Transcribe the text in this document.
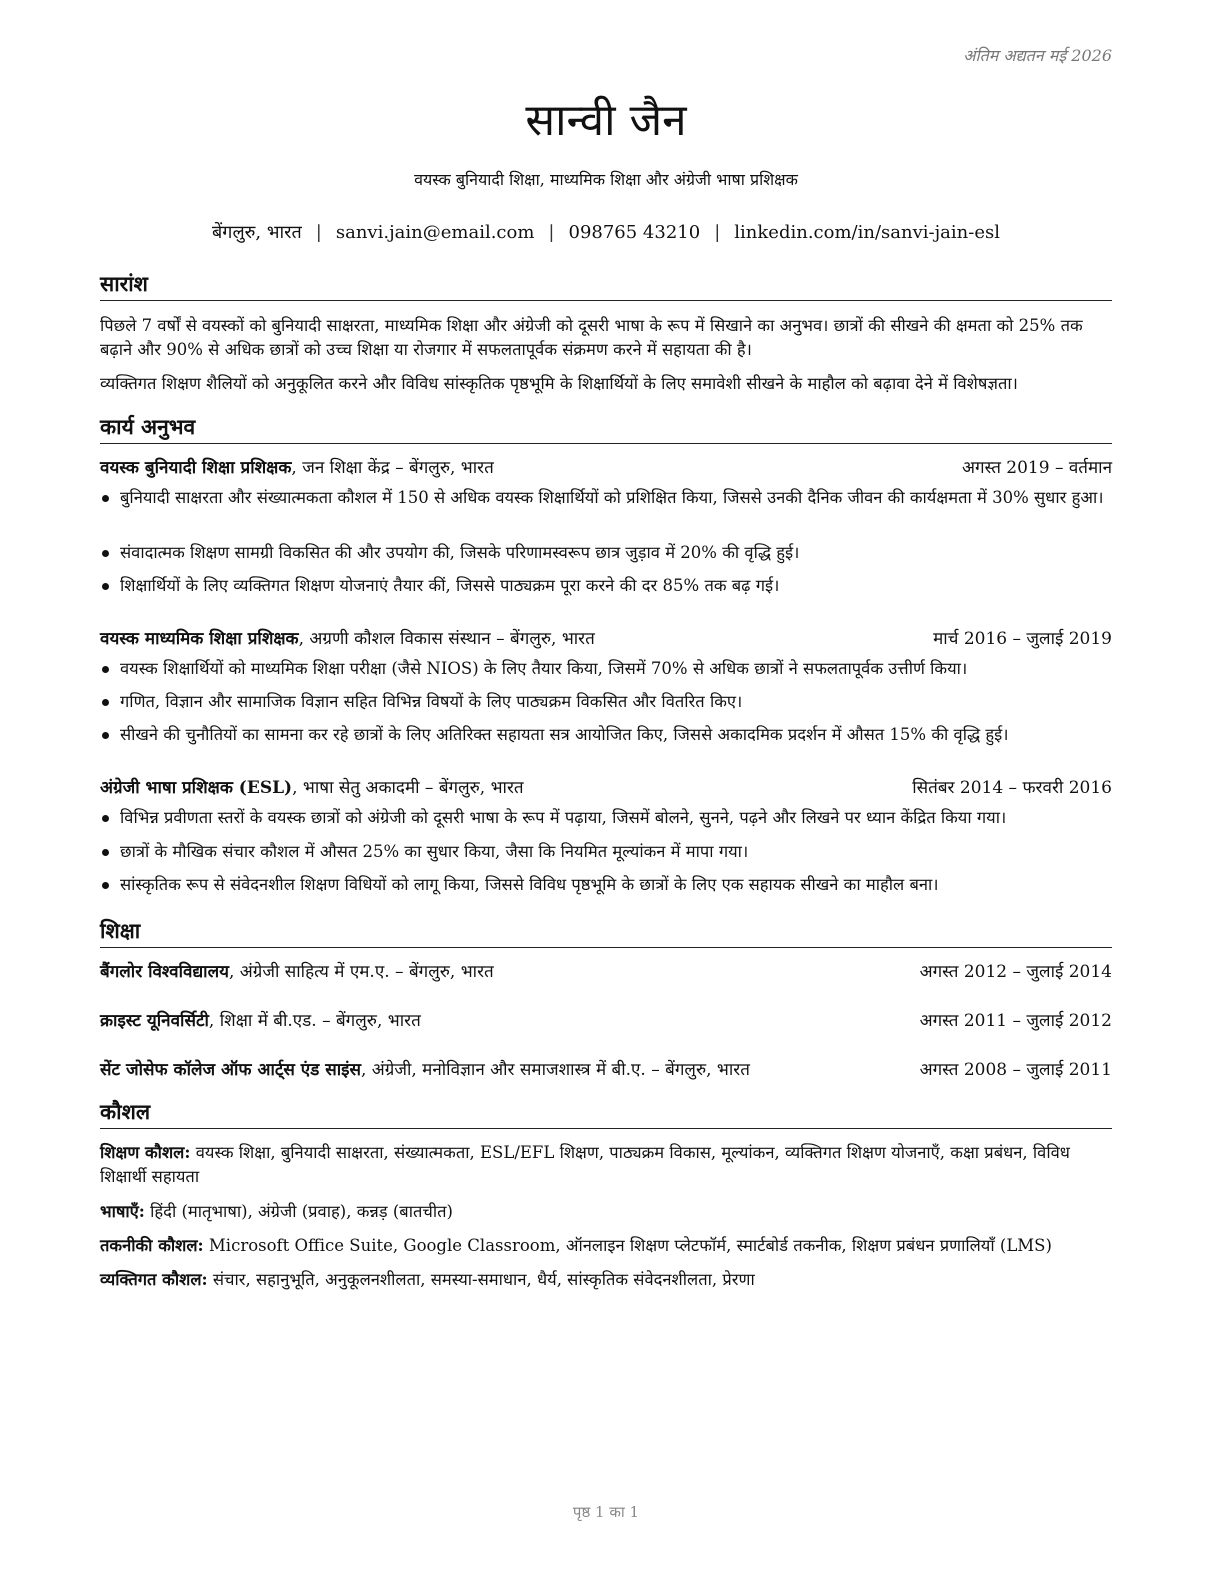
अंतिम अद्यतन मई 2026
सान्वी जैन
वयस्क बुनियादी शिक्षा, माध्यमिक शिक्षा और अंग्रेजी भाषा प्रशिक्षक
बेंगलुरु, भारत | sanvi.jain@email.com | 098765 43210 | linkedin.com/in/sanvi-jain-esl
सारांश
पिछले 7 वर्षों से वयस्कों को बुनियादी साक्षरता, माध्यमिक शिक्षा और अंग्रेजी को दूसरी भाषा के रूप में सिखाने का अनुभव। छात्रों की सीखने की क्षमता को 25% तक बढ़ाने और 90% से अधिक छात्रों को उच्च शिक्षा या रोजगार में सफलतापूर्वक संक्रमण करने में सहायता की है।
व्यक्तिगत शिक्षण शैलियों को अनुकूलित करने और विविध सांस्कृतिक पृष्ठभूमि के शिक्षार्थियों के लिए समावेशी सीखने के माहौल को बढ़ावा देने में विशेषज्ञता।
कार्य अनुभव
वयस्क बुनियादी शिक्षा प्रशिक्षक, जन शिक्षा केंद्र – बेंगलुरु, भारत	अगस्त 2019 – वर्तमान
बुनियादी साक्षरता और संख्यात्मकता कौशल में 150 से अधिक वयस्क शिक्षार्थियों को प्रशिक्षित किया, जिससे उनकी दैनिक जीवन की कार्यक्षमता में 30% सुधार हुआ।
संवादात्मक शिक्षण सामग्री विकसित की और उपयोग की, जिसके परिणामस्वरूप छात्र जुड़ाव में 20% की वृद्धि हुई।
शिक्षार्थियों के लिए व्यक्तिगत शिक्षण योजनाएं तैयार कीं, जिससे पाठ्यक्रम पूरा करने की दर 85% तक बढ़ गई।
वयस्क माध्यमिक शिक्षा प्रशिक्षक, अग्रणी कौशल विकास संस्थान – बेंगलुरु, भारत	मार्च 2016 – जुलाई 2019
वयस्क शिक्षार्थियों को माध्यमिक शिक्षा परीक्षा (जैसे NIOS) के लिए तैयार किया, जिसमें 70% से अधिक छात्रों ने सफलतापूर्वक उत्तीर्ण किया।
गणित, विज्ञान और सामाजिक विज्ञान सहित विभिन्न विषयों के लिए पाठ्यक्रम विकसित और वितरित किए।
सीखने की चुनौतियों का सामना कर रहे छात्रों के लिए अतिरिक्त सहायता सत्र आयोजित किए, जिससे अकादमिक प्रदर्शन में औसत 15% की वृद्धि हुई।
अंग्रेजी भाषा प्रशिक्षक (ESL), भाषा सेतु अकादमी – बेंगलुरु, भारत	सितंबर 2014 – फरवरी 2016
विभिन्न प्रवीणता स्तरों के वयस्क छात्रों को अंग्रेजी को दूसरी भाषा के रूप में पढ़ाया, जिसमें बोलने, सुनने, पढ़ने और लिखने पर ध्यान केंद्रित किया गया।
छात्रों के मौखिक संचार कौशल में औसत 25% का सुधार किया, जैसा कि नियमित मूल्यांकन में मापा गया।
सांस्कृतिक रूप से संवेदनशील शिक्षण विधियों को लागू किया, जिससे विविध पृष्ठभूमि के छात्रों के लिए एक सहायक सीखने का माहौल बना।
शिक्षा
बैंगलोर विश्वविद्यालय, अंग्रेजी साहित्य में एम.ए. – बेंगलुरु, भारत	अगस्त 2012 – जुलाई 2014
क्राइस्ट यूनिवर्सिटी, शिक्षा में बी.एड. – बेंगलुरु, भारत	अगस्त 2011 – जुलाई 2012
सेंट जोसेफ कॉलेज ऑफ आर्ट्स एंड साइंस, अंग्रेजी, मनोविज्ञान और समाजशास्त्र में बी.ए. – बेंगलुरु, भारत	अगस्त 2008 – जुलाई 2011
कौशल
शिक्षण कौशल: वयस्क शिक्षा, बुनियादी साक्षरता, संख्यात्मकता, ESL/EFL शिक्षण, पाठ्यक्रम विकास, मूल्यांकन, व्यक्तिगत शिक्षण योजनाएँ, कक्षा प्रबंधन, विविध शिक्षार्थी सहायता
भाषाएँ: हिंदी (मातृभाषा), अंग्रेजी (प्रवाह), कन्नड़ (बातचीत)
तकनीकी कौशल: Microsoft Office Suite, Google Classroom, ऑनलाइन शिक्षण प्लेटफॉर्म, स्मार्टबोर्ड तकनीक, शिक्षण प्रबंधन प्रणालियाँ (LMS)
व्यक्तिगत कौशल: संचार, सहानुभूति, अनुकूलनशीलता, समस्या-समाधान, धैर्य, सांस्कृतिक संवेदनशीलता, प्रेरणा
पृष्ठ 1 का 1
